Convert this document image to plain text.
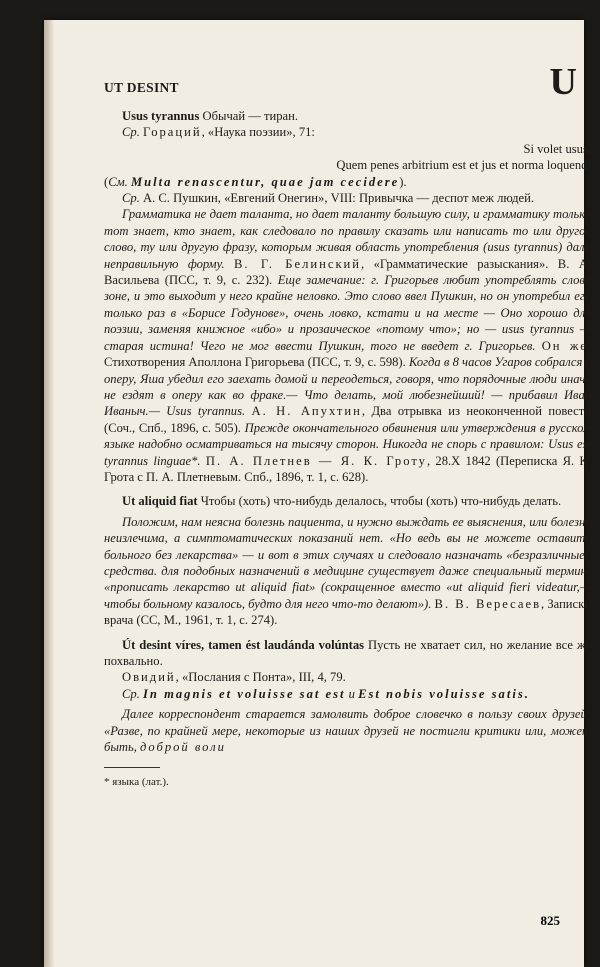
UT DESINT	U

Usus tyrannus Обычай — тиран.

Ср. Гораций, «Наука поэзии», 71:

Si volet usus,

Quem penes arbitrium est et jus et norma loquendi

(См. Multa renascentur, quae jam cecidere).

Ср. А. С. Пушкин, «Евгений Онегин», VIII: Привычка — деспот меж людей.

Грамматика не дает таланта, но дает таланту большую силу, и грамматику только тот знает, кто знает, как следовало по правилу сказать или написать то или другое слово, ту или другую фразу, которым живая область употребления (usus tyrannus) дала неправильную форму. В. Г. Белинский, «Грамматические разыскания». В. А. Васильева (ПСС, т. 9, с. 232). Еще замечание: г. Григорьев любит употреблять слово зоне, и это выходит у него крайне неловко. Это слово ввел Пушкин, но он употребил его только раз в «Борисе Годунове», очень ловко, кстати и на месте — Оно хорошо для поэзии, заменяя книжное «ибо» и прозаическое «потому что»; но — usus tyrannus — старая истина! Чего не мог ввести Пушкин, того не введет г. Григорьев. Он же, Стихотворения Аполлона Григорьева (ПСС, т. 9, с. 598). Когда в 8 часов Угаров собрался в оперу, Яша убедил его заехать домой и переодеться, говоря, что порядочные люди иначе не ездят в оперу как во фраке.— Что делать, мой любезнейший! — прибавил Иван Иваныч.— Usus tyrannus. А. Н. Апухтин, Два отрывка из неоконченной повести (Соч., Спб., 1896, с. 505). Прежде окончательного обвинения или утверждения в русском языке надобно осматриваться на тысячу сторон. Никогда не спорь с правилом: Usus est tyrannus linguae*. П. А. Плетнев — Я. К. Гроту, 28.X 1842 (Переписка Я. К. Грота с П. А. Плетневым. Спб., 1896, т. 1, с. 628).

Ut aliquid fiat Чтобы (хоть) что-нибудь делалось, чтобы (хоть) что-нибудь делать.

Положим, нам неясна болезнь пациента, и нужно выждать ее выяснения, или болезнь неизлечима, а симптоматических показаний нет. «Но ведь вы не можете оставить больного без лекарства» — и вот в этих случаях и следовало назначать «безразличные» средства. для подобных назначений в медицине существует даже специальный термин: «прописать лекарство ut aliquid fiat» (сокращенное вместо «ut aliquid fieri videatur,— чтобы больному казалось, будто для него что-то делают»). В. В. Вересаев, Записки врача (СС, М., 1961, т. 1, с. 274).

Út desint víres, tamen ést laudánda volúntas Пусть не хватает сил, но желание все же похвально.

Овидий, «Послания с Понта», III, 4, 79.

Ср. In magnis et voluisse sat est и Est nobis voluisse satis.

Далее корреспондент старается замолвить доброе словечко в пользу своих друзей: «Разве, по крайней мере, некоторые из наших друзей не постигли критики или, может быть, доброй воли

* языка (лат.).

825
